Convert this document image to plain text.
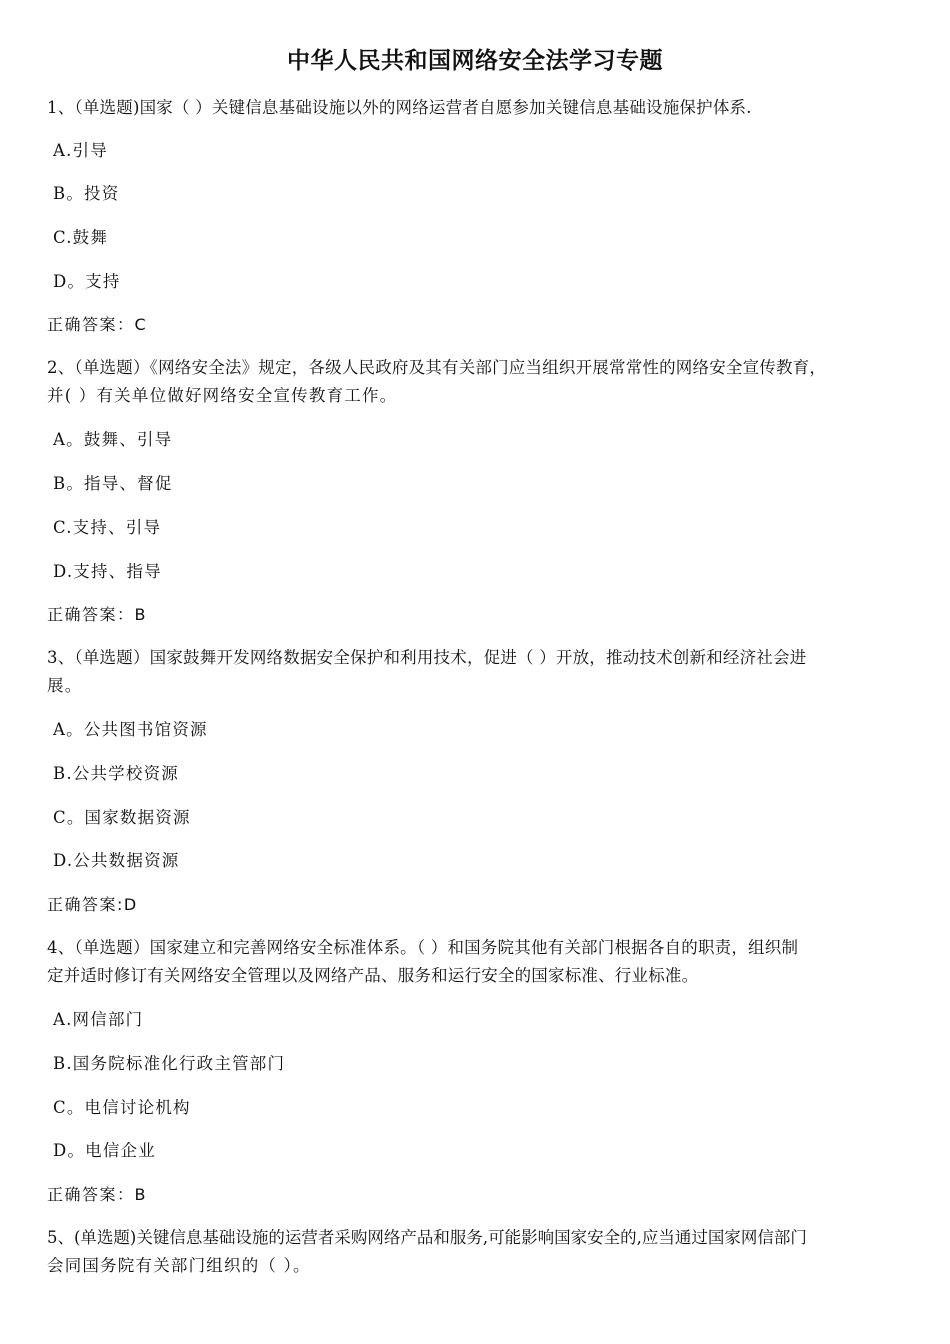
中华人民共和国网络安全法学习专题
1、（单选题)国家（ ）关键信息基础设施以外的网络运营者自愿参加关键信息基础设施保护体系.
A.引导
B。投资
C.鼓舞
D。支持
正确答案：C
2、（单选题）《网络安全法》规定，各级人民政府及其有关部门应当组织开展常常性的网络安全宣传教育，
并( ）有关单位做好网络安全宣传教育工作。
A。鼓舞、引导
B。指导、督促
C.支持、引导
D.支持、指导
正确答案：B
3、（单选题）国家鼓舞开发网络数据安全保护和利用技术，促进（ ）开放，推动技术创新和经济社会进
展。
A。公共图书馆资源
B.公共学校资源
C。国家数据资源
D.公共数据资源
正确答案:D
4、（单选题）国家建立和完善网络安全标准体系。（ ）和国务院其他有关部门根据各自的职责，组织制
定并适时修订有关网络安全管理以及网络产品、服务和运行安全的国家标准、行业标准。
A.网信部门
B.国务院标准化行政主管部门
C。电信讨论机构
D。电信企业
正确答案：B
5、(单选题)关键信息基础设施的运营者采购网络产品和服务,可能影响国家安全的,应当通过国家网信部门
会同国务院有关部门组织的（ ）。
